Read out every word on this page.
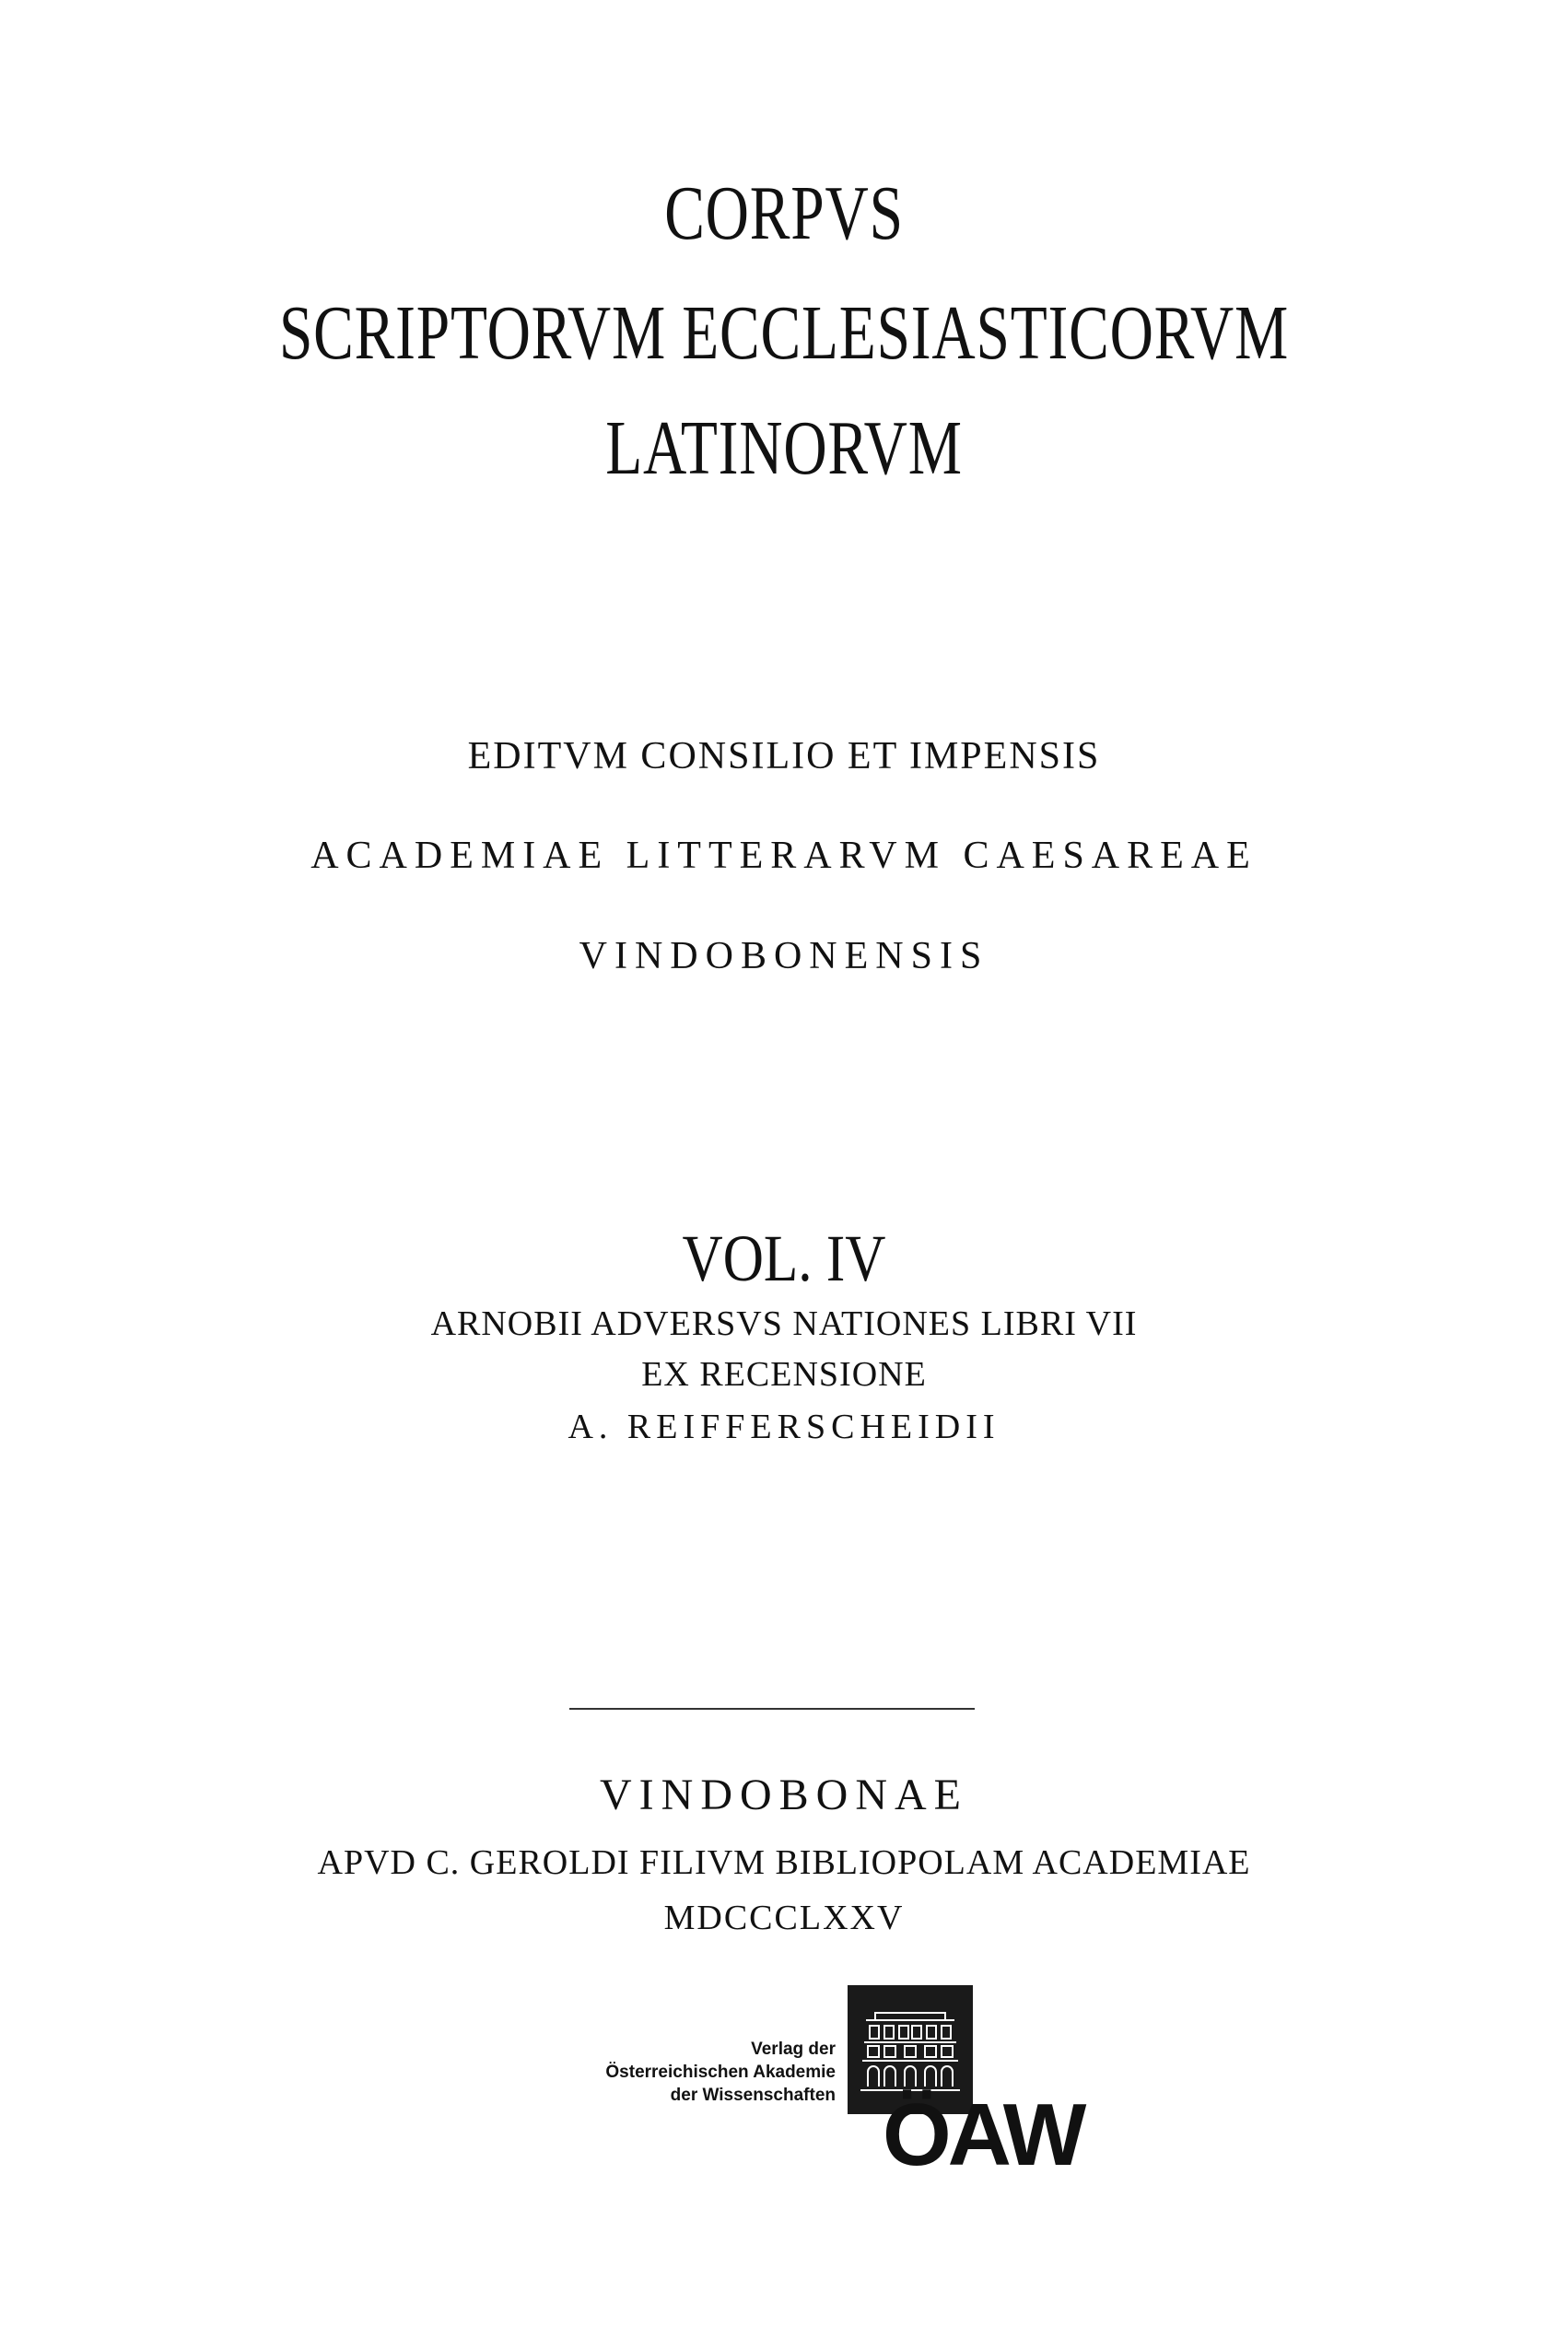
CORPVS
SCRIPTORVM ECCLESIASTICORVM
LATINORVM
EDITVM CONSILIO ET IMPENSIS
ACADEMIAE LITTERARVM CAESAREAE
VINDOBONENSIS
VOL. IV
ARNOBII ADVERSVS NATIONES LIBRI VII
EX RECENSIONE
A. REIFFERSCHEIDII
VINDOBONAE
APVD C. GEROLDI FILIVM BIBLIOPOLAM ACADEMIAE
MDCCCLXXV
Verlag der
Österreichischen Akademie
der Wissenschaften ÖAW
